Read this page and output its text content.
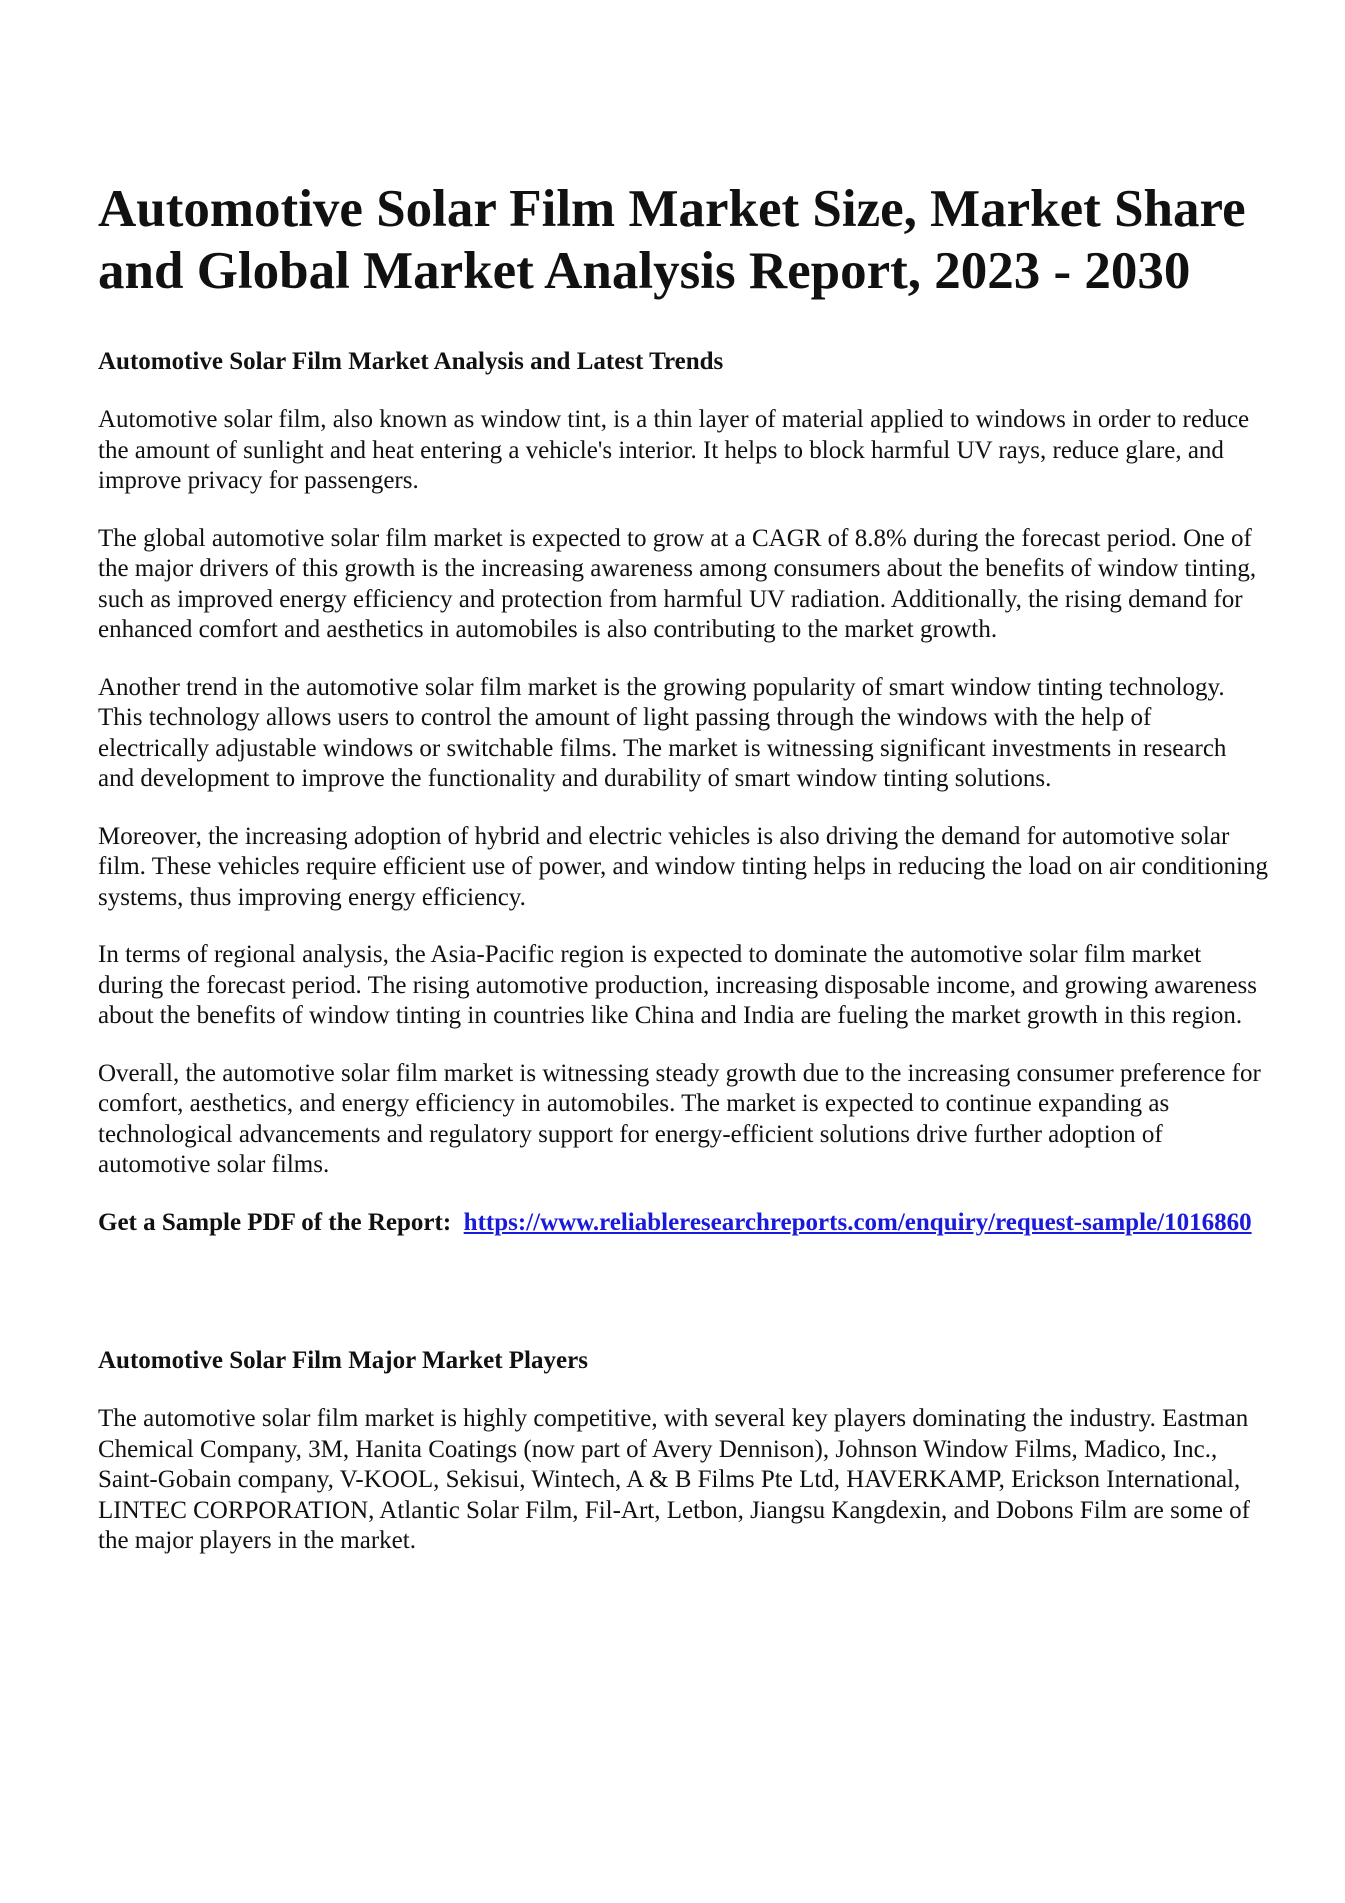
Automotive Solar Film Market Size, Market Share and Global Market Analysis Report, 2023 - 2030
Automotive Solar Film Market Analysis and Latest Trends

Automotive solar film, also known as window tint, is a thin layer of material applied to windows in order to reduce the amount of sunlight and heat entering a vehicle's interior. It helps to block harmful UV rays, reduce glare, and improve privacy for passengers.

The global automotive solar film market is expected to grow at a CAGR of 8.8% during the forecast period. One of the major drivers of this growth is the increasing awareness among consumers about the benefits of window tinting, such as improved energy efficiency and protection from harmful UV radiation. Additionally, the rising demand for enhanced comfort and aesthetics in automobiles is also contributing to the market growth.

Another trend in the automotive solar film market is the growing popularity of smart window tinting technology. This technology allows users to control the amount of light passing through the windows with the help of electrically adjustable windows or switchable films. The market is witnessing significant investments in research and development to improve the functionality and durability of smart window tinting solutions.

Moreover, the increasing adoption of hybrid and electric vehicles is also driving the demand for automotive solar film. These vehicles require efficient use of power, and window tinting helps in reducing the load on air conditioning systems, thus improving energy efficiency.

In terms of regional analysis, the Asia-Pacific region is expected to dominate the automotive solar film market during the forecast period. The rising automotive production, increasing disposable income, and growing awareness about the benefits of window tinting in countries like China and India are fueling the market growth in this region.

Overall, the automotive solar film market is witnessing steady growth due to the increasing consumer preference for comfort, aesthetics, and energy efficiency in automobiles. The market is expected to continue expanding as technological advancements and regulatory support for energy-efficient solutions drive further adoption of automotive solar films.

Get a Sample PDF of the Report: https://www.reliableresearchreports.com/enquiry/request-sample/1016860
Automotive Solar Film Major Market Players

The automotive solar film market is highly competitive, with several key players dominating the industry. Eastman Chemical Company, 3M, Hanita Coatings (now part of Avery Dennison), Johnson Window Films, Madico, Inc., Saint-Gobain company, V-KOOL, Sekisui, Wintech, A & B Films Pte Ltd, HAVERKAMP, Erickson International, LINTEC CORPORATION, Atlantic Solar Film, Fil-Art, Letbon, Jiangsu Kangdexin, and Dobons Film are some of the major players in the market.
